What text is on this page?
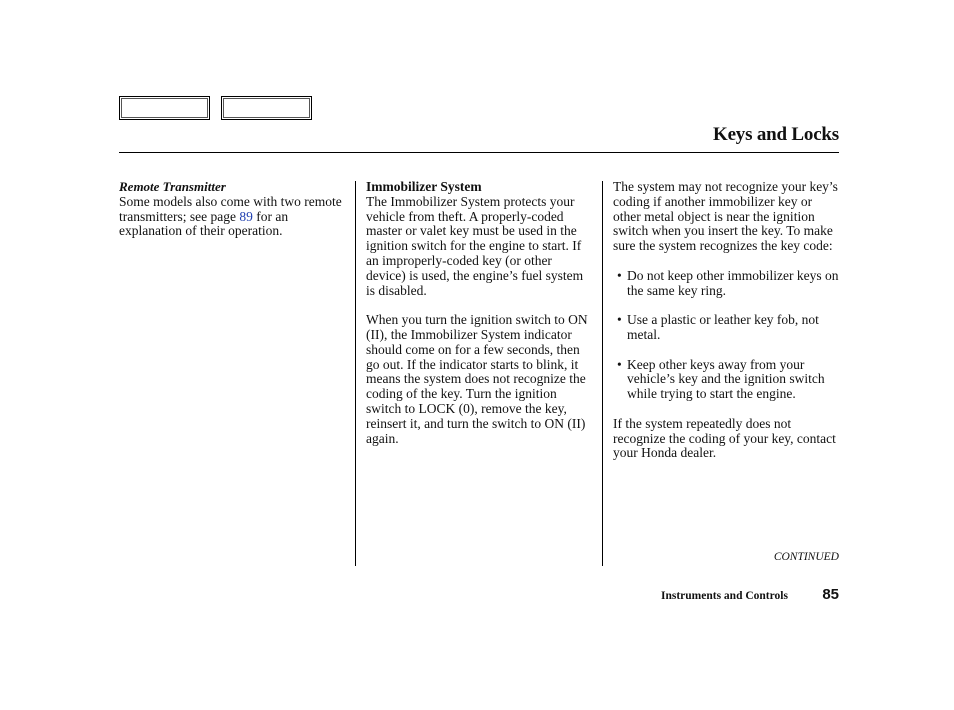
Keys and Locks
Remote Transmitter

Some models also come with two remote transmitters; see page 89 for an explanation of their operation.

Immobilizer System

The Immobilizer System protects your vehicle from theft. A properly-coded master or valet key must be used in the ignition switch for the engine to start. If an improperly-coded key (or other device) is used, the engine’s fuel system is disabled.

When you turn the ignition switch to ON (II), the Immobilizer System indicator should come on for a few seconds, then go out. If the indicator starts to blink, it means the system does not recognize the coding of the key. Turn the ignition switch to LOCK (0), remove the key, reinsert it, and turn the switch to ON (II) again.

The system may not recognize your key’s coding if another immobilizer key or other metal object is near the ignition switch when you insert the key. To make sure the system recognizes the key code:

• Do not keep other immobilizer keys on the same key ring.
• Use a plastic or leather key fob, not metal.
• Keep other keys away from your vehicle’s key and the ignition switch while trying to start the engine.

If the system repeatedly does not recognize the coding of your key, contact your Honda dealer.

CONTINUED
Instruments and Controls 85
